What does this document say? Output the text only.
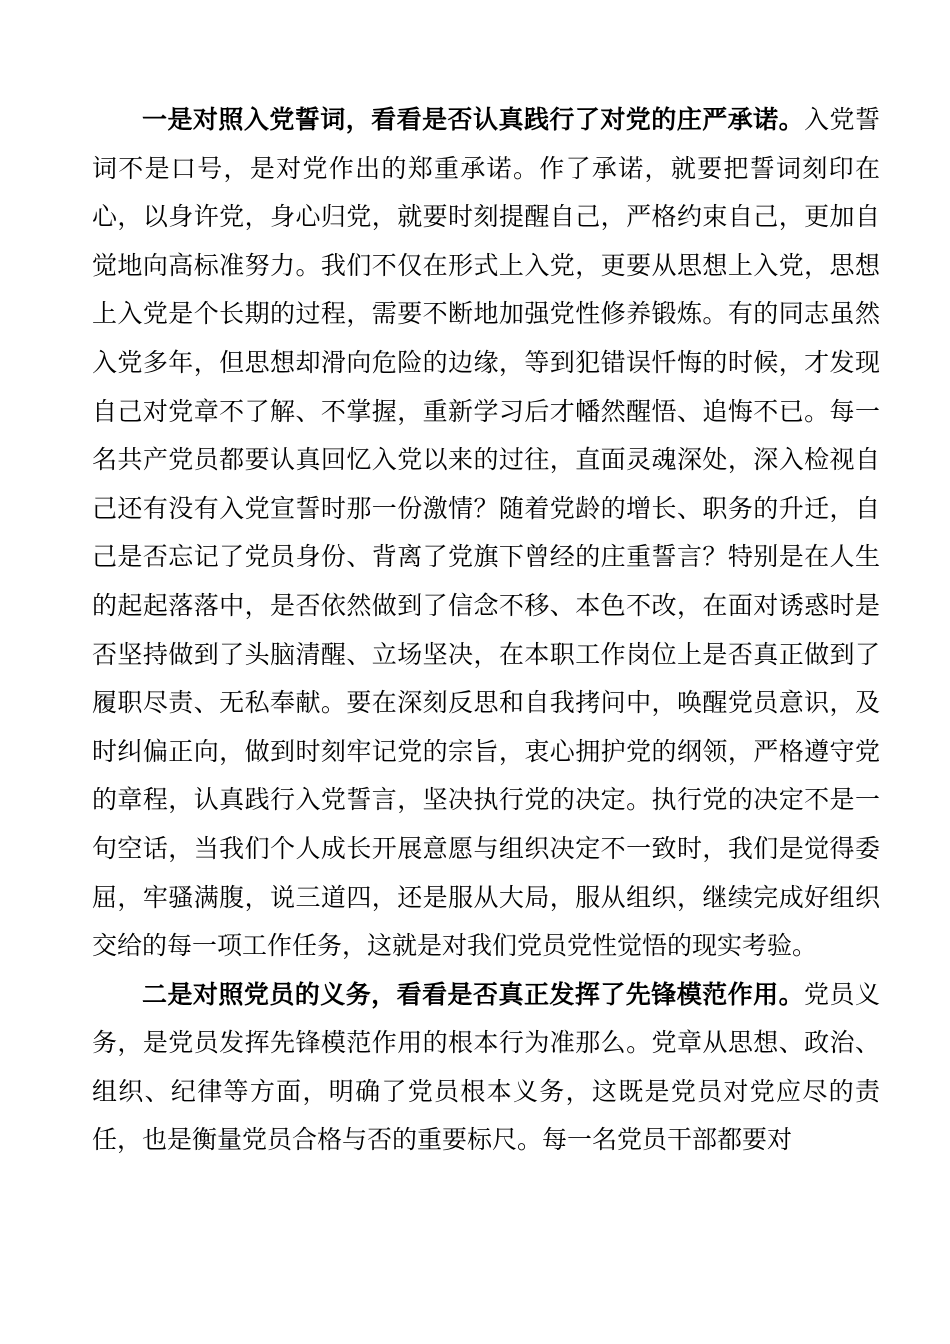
一是对照入党誓词，看看是否认真践行了对党的庄严承诺。入党誓词不是口号，是对党作出的郑重承诺。作了承诺，就要把誓词刻印在心，以身许党，身心归党，就要时刻提醒自己，严格约束自己，更加自觉地向高标准努力。我们不仅在形式上入党，更要从思想上入党，思想上入党是个长期的过程，需要不断地加强党性修养锻炼。有的同志虽然入党多年，但思想却滑向危险的边缘，等到犯错误忏悔的时候，才发现自己对党章不了解、不掌握，重新学习后才幡然醒悟、追悔不已。每一名共产党员都要认真回忆入党以来的过往，直面灵魂深处，深入检视自己还有没有入党宣誓时那一份激情？随着党龄的增长、职务的升迁，自己是否忘记了党员身份、背离了党旗下曾经的庄重誓言？特别是在人生的起起落落中，是否依然做到了信念不移、本色不改，在面对诱惑时是否坚持做到了头脑清醒、立场坚决，在本职工作岗位上是否真正做到了履职尽责、无私奉献。要在深刻反思和自我拷问中，唤醒党员意识，及时纠偏正向，做到时刻牢记党的宗旨，衷心拥护党的纲领，严格遵守党的章程，认真践行入党誓言，坚决执行党的决定。执行党的决定不是一句空话，当我们个人成长开展意愿与组织决定不一致时，我们是觉得委屈，牢骚满腹，说三道四，还是服从大局，服从组织，继续完成好组织交给的每一项工作任务，这就是对我们党员党性觉悟的现实考验。

二是对照党员的义务，看看是否真正发挥了先锋模范作用。党员义务，是党员发挥先锋模范作用的根本行为准那么。党章从思想、政治、组织、纪律等方面，明确了党员根本义务，这既是党员对党应尽的责任，也是衡量党员合格与否的重要标尺。每一名党员干部都要对
